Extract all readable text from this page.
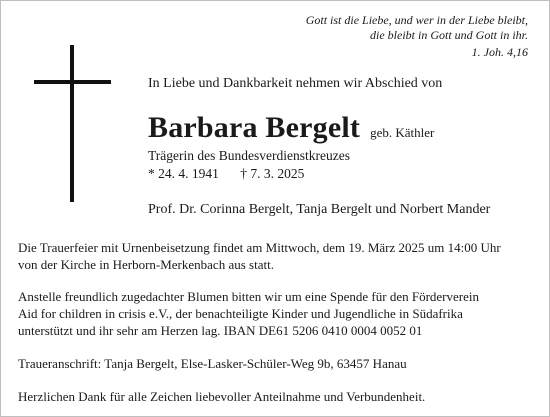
Gott ist die Liebe, und wer in der Liebe bleibt,
die bleibt in Gott und Gott in ihr.
1. Joh. 4,16
In Liebe und Dankbarkeit nehmen wir Abschied von
Barbara Bergelt geb. Käthler
Trägerin des Bundesverdienstkreuzes
* 24. 4. 1941 † 7. 3. 2025
Prof. Dr. Corinna Bergelt, Tanja Bergelt und Norbert Mander
Die Trauerfeier mit Urnenbeisetzung findet am Mittwoch, dem 19. März 2025 um 14:00 Uhr
von der Kirche in Herborn-Merkenbach aus statt.
Anstelle freundlich zugedachter Blumen bitten wir um eine Spende für den Förderverein
Aid for children in crisis e.V., der benachteiligte Kinder und Jugendliche in Südafrika
unterstützt und ihr sehr am Herzen lag. IBAN DE61 5206 0410 0004 0052 01
Traueranschrift: Tanja Bergelt, Else-Lasker-Schüler-Weg 9b, 63457 Hanau
Herzlichen Dank für alle Zeichen liebevoller Anteilnahme und Verbundenheit.
